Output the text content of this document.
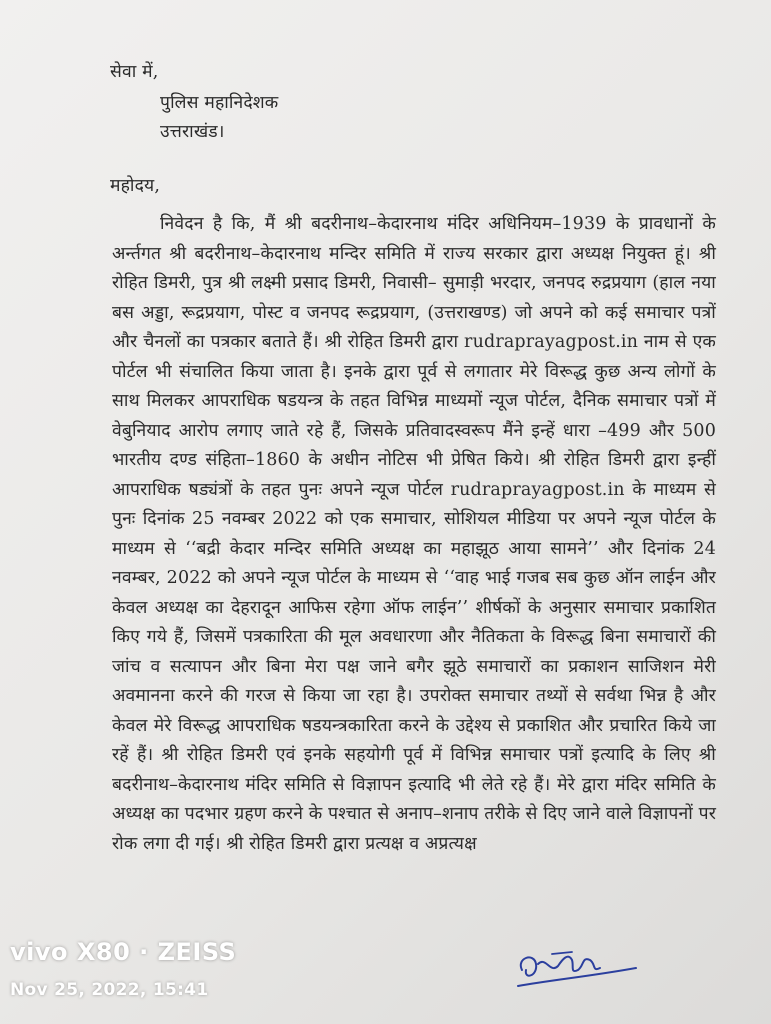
सेवा में,

पुलिस महानिदेशक

उत्तराखंड।

महोदय,

निवेदन है कि, मैं श्री बदरीनाथ–केदारनाथ मंदिर अधिनियम–1939 के प्रावधानों के अर्न्तगत श्री बदरीनाथ–केदारनाथ मन्दिर समिति में राज्य सरकार द्वारा अध्यक्ष नियुक्त हूं। श्री रोहित डिमरी, पुत्र श्री लक्ष्मी प्रसाद डिमरी, निवासी– सुमाड़ी भरदार, जनपद रुद्रप्रयाग (हाल नया बस अड्डा, रूद्रप्रयाग, पोस्ट व जनपद रूद्रप्रयाग, (उत्तराखण्ड) जो अपने को कई समाचार पत्रों और चैनलों का पत्रकार बताते हैं। श्री रोहित डिमरी द्वारा rudraprayagpost.in नाम से एक पोर्टल भी संचालित किया जाता है। इनके द्वारा पूर्व से लगातार मेरे विरूद्ध कुछ अन्य लोगों के साथ मिलकर आपराधिक षडयन्त्र के तहत विभिन्न माध्यमों न्यूज पोर्टल, दैनिक समाचार पत्रों में वेबुनियाद आरोप लगाए जाते रहे हैं, जिसके प्रतिवादस्वरूप मैंने इन्हें धारा –499 और 500 भारतीय दण्ड संहिता–1860 के अधीन नोटिस भी प्रेषित किये। श्री रोहित डिमरी द्वारा इन्हीं आपराधिक षड्यंत्रों के तहत पुनः अपने न्यूज पोर्टल rudraprayagpost.in के माध्यम से पुनः दिनांक 25 नवम्बर 2022 को एक समाचार, सोशियल मीडिया पर अपने न्यूज पोर्टल के माध्यम से ‘‘बद्री केदार मन्दिर समिति अध्यक्ष का महाझूठ आया सामने’’ और दिनांक 24 नवम्बर, 2022 को अपने न्यूज पोर्टल के माध्यम से ‘‘वाह भाई गजब सब कुछ ऑन लाईन और केवल अध्यक्ष का देहरादून आफिस रहेगा ऑफ लाईन’’ शीर्षकों के अनुसार समाचार प्रकाशित किए गये हैं, जिसमें पत्रकारिता की मूल अवधारणा और नैतिकता के विरूद्ध बिना समाचारों की जांच व सत्यापन और बिना मेरा पक्ष जाने बगैर झूठे समाचारों का प्रकाशन साजिशन मेरी अवमानना करने की गरज से किया जा रहा है। उपरोक्त समाचार तथ्यों से सर्वथा भिन्न है और केवल मेरे विरूद्ध आपराधिक षडयन्त्रकारिता करने के उद्देश्य से प्रकाशित और प्रचारित किये जा रहें हैं। श्री रोहित डिमरी एवं इनके सहयोगी पूर्व में विभिन्न समाचार पत्रों इत्यादि के लिए श्री बदरीनाथ–केदारनाथ मंदिर समिति से विज्ञापन इत्यादि भी लेते रहे हैं। मेरे द्वारा मंदिर समिति के अध्यक्ष का पदभार ग्रहण करने के पश्चात से अनाप–शनाप तरीके से दिए जाने वाले विज्ञापनों पर रोक लगा दी गई। श्री रोहित डिमरी द्वारा प्रत्यक्ष व अप्रत्यक्ष

vivo X80 · ZEISS

Nov 25, 2022, 15:41
